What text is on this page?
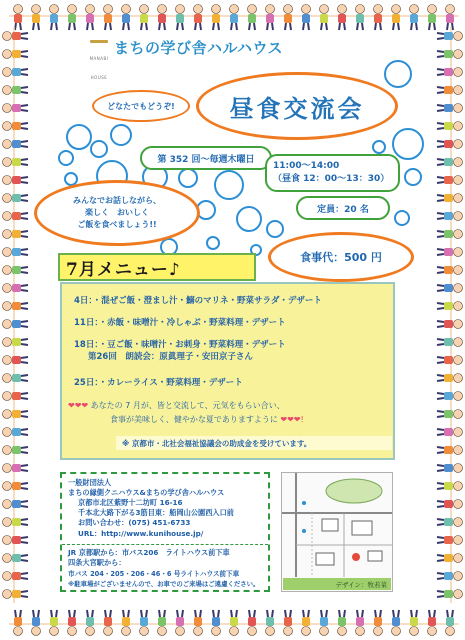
MANABI HOUSE
まちの学び舎ハルハウス
昼食交流会
どなたでもどうぞ!
第 352 回～毎週木曜日
11:00～14:00
（昼食 12：00～13：30）
定員：20 名
みんなでお話しながら、
楽しく　おいしく
ご飯を食べましょう!!
食事代：500 円
7月メニュー♪
4日：・混ぜご飯・澄まし汁・鰯のマリネ・野菜サラダ・デザート
11日：・赤飯・味噌汁・冷しゃぶ・野菜料理・デザート
18日：・豆ご飯・味噌汁・お刺身・野菜料理・デザート
第26回　朗読会：原眞理子・安田京子さん
25日：・カレーライス・野菜料理・デザート
❤❤❤ あなたの 7 月が、皆と交流して、元気をもらい合い、
食事が美味しく、健やかな夏でありますように ❤❤❤!
※ 京都市・北社会福祉協議会の助成金を受けています。
一般財団法人
まちの縁側クニハウス&まちの学び舎ハルハウス
京都市北区紫野十二坊町 16-16
千本北大路下がる3筋目東：船岡山公園西入口前
お問い合わせ：(075) 451-6733
URL：http://www.kunihouse.jp/
JR 京都駅から：市バス206　ライトハウス前下車
四条大宮駅から：
市バス 204・205・206・46・6 号ライトハウス前下車
※駐車場がございませんので、お車でのご来場はご遠慮ください。	デザイン：牧若菜
